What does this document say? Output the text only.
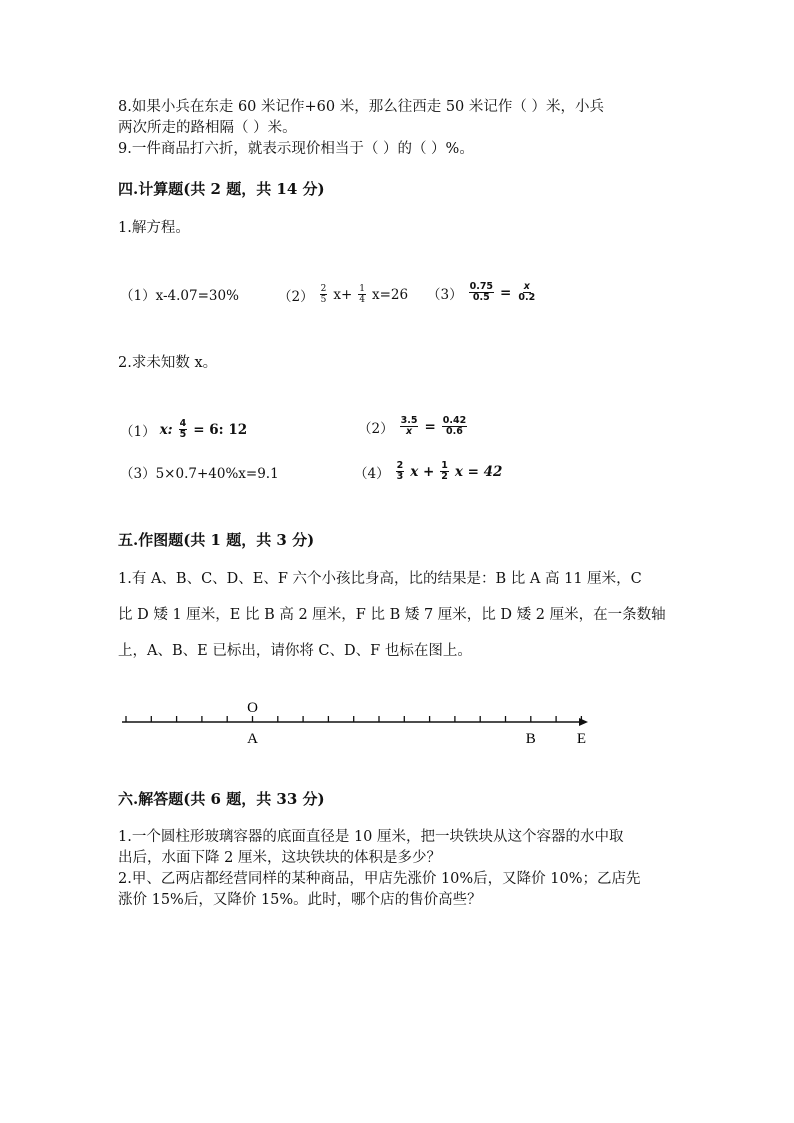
8.如果小兵在东走 60 米记作+60 米，那么往西走 50 米记作（ ）米，小兵
两次所走的路相隔（ ）米。
9.一件商品打六折，就表示现价相当于（ ）的（ ）%。
四.计算题(共 2 题，共 14 分)
1.解方程。
（1）x-4.07=30%	$(2) \frac{2}{5} x+ \frac{1}{4} x=26$ $(3) \frac{0.75}{0.5} = \frac{x}{0.2}$
2.求未知数 x。
（1） x: $\frac{4}{5} = 6$: 12	$(2) \frac{3.5}{x} = \frac{0.42}{0.6}$
（3）5×0.7+40%x=9.1	$(4) \frac{2}{3}$ $x + \frac{1}{2}$ x = 42
五.作图题(共 1 题，共 3 分)
1.有 A、B、C、D、E、F 六个小孩比身高，比的结果是：B 比 A 高 11 厘米，C
比 D 矮 1 厘米，E 比 B 高 2 厘米，F 比 B 矮 7 厘米，比 D 矮 2 厘米，在一条数轴
上，A、B、E 已标出，请你将 C、D、F 也标在图上。
O
A	B	E
六.解答题(共 6 题，共 33 分)
1.一个圆柱形玻璃容器的底面直径是 10 厘米，把一块铁块从这个容器的水中取
出后，水面下降 2 厘米，这块铁块的体积是多少？
2.甲、乙两店都经营同样的某种商品，甲店先涨价 10%后，又降价 10%；乙店先
涨价 15%后，又降价 15%。此时，哪个店的售价高些？
